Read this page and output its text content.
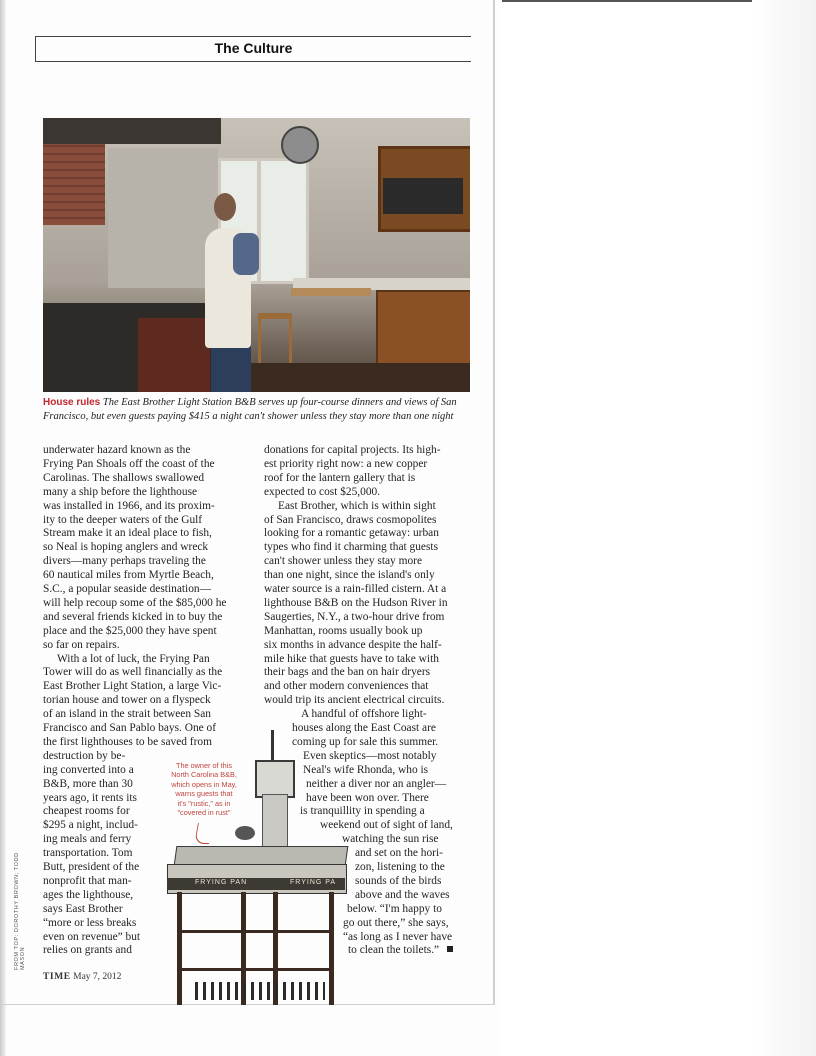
The Culture
House rules The East Brother Light Station B&B serves up four-course dinners and views of San Francisco, but even guests paying $415 a night can't shower unless they stay more than one night
underwater hazard known as the
Frying Pan Shoals off the coast of the
Carolinas. The shallows swallowed
many a ship before the lighthouse
was installed in 1966, and its proxim-
ity to the deeper waters of the Gulf
Stream make it an ideal place to fish,
so Neal is hoping anglers and wreck
divers—many perhaps traveling the
60 nautical miles from Myrtle Beach,
S.C., a popular seaside destination—
will help recoup some of the $85,000 he
and several friends kicked in to buy the
place and the $25,000 they have spent
so far on repairs.
With a lot of luck, the Frying Pan
Tower will do as well financially as the
East Brother Light Station, a large Vic-
torian house and tower on a flyspeck
of an island in the strait between San
Francisco and San Pablo bays. One of
the first lighthouses to be saved from
destruction by be-
ing converted into a
B&B, more than 30
years ago, it rents its
cheapest rooms for
$295 a night, includ-
ing meals and ferry
transportation. Tom
Butt, president of the
nonprofit that man-
ages the lighthouse,
says East Brother
“more or less breaks
even on revenue” but
relies on grants and
donations for capital projects. Its high-
est priority right now: a new copper
roof for the lantern gallery that is
expected to cost $25,000.
East Brother, which is within sight
of San Francisco, draws cosmopolites
looking for a romantic getaway: urban
types who find it charming that guests
can't shower unless they stay more
than one night, since the island's only
water source is a rain-filled cistern. At a
lighthouse B&B on the Hudson River in
Saugerties, N.Y., a two-hour drive from
Manhattan, rooms usually book up
six months in advance despite the half-
mile hike that guests have to take with
their bags and the ban on hair dryers
and other modern conveniences that
would trip its ancient electrical circuits.
A handful of offshore light-
houses along the East Coast are
coming up for sale this summer.
Even skeptics—most notably
Neal's wife Rhonda, who is
neither a diver nor an angler—
have been won over. There
is tranquillity in spending a
weekend out of sight of land,
watching the sun rise
and set on the hori-
zon, listening to the
sounds of the birds
above and the waves
below. “I'm happy to
go out there,” she says,
“as long as I never have
to clean the toilets.”
FRYING PAN	FRYING PA
The owner of this
North Carolina B&B,
which opens in May,
warns guests that
it's "rustic," as in
"covered in rust"
FROM TOP: DOROTHY BROWN; TODD MASON
TIME May 7, 2012
